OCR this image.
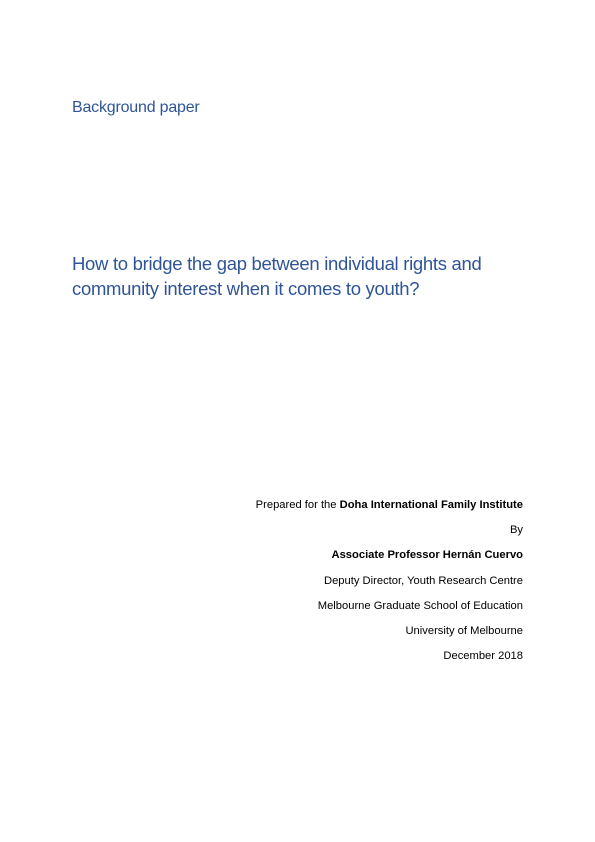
Background paper
How to bridge the gap between individual rights and
community interest when it comes to youth?
Prepared for the Doha International Family Institute
By
Associate Professor Hernán Cuervo
Deputy Director, Youth Research Centre
Melbourne Graduate School of Education
University of Melbourne
December 2018
